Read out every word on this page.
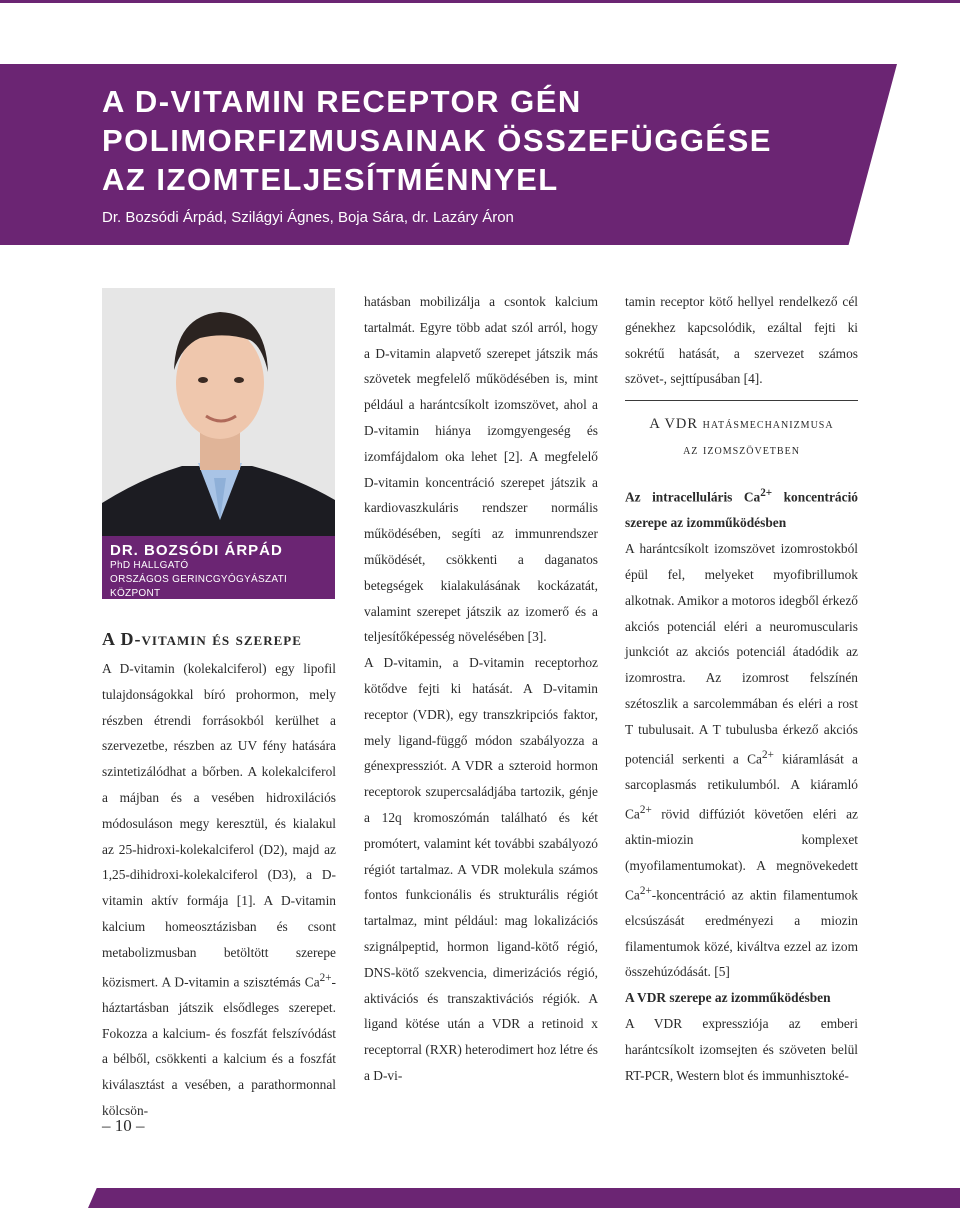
A D-VITAMIN RECEPTOR GÉN
POLIMORFIZMUSAINAK ÖSSZEFÜGGÉSE
AZ IZOMTELJESÍTMÉNNYEL
Dr. Bozsódi Árpád, Szilágyi Ágnes, Boja Sára, dr. Lazáry Áron
DR. BOZSÓDI ÁRPÁD
PhD HALLGATÓ
ORSZÁGOS GERINCGYÓGYÁSZATI KÖZPONT
A D-vitamin és szerepe

A D-vitamin (kolekalciferol) egy lipofil tulajdonságokkal bíró prohormon, mely részben étrendi forrásokból kerülhet a szervezetbe, részben az UV fény hatására szintetizálódhat a bőrben. A kolekalciferol a májban és a vesében hidroxilációs módosuláson megy keresztül, és kialakul az 25-hidroxi-kolekalciferol (D2), majd az 1,25-dihidroxi-kolekalciferol (D3), a D-vitamin aktív formája [1]. A D-vitamin kalcium homeosztázisban és csont metabolizmusban betöltött szerepe közismert. A D-vitamin a szisztémás $Ca^{2+}$-háztartásban játszik elsődleges szerepet. Fokozza a kalcium- és foszfát felszívódást a bélből, csökkenti a kalcium és a foszfát kiválasztást a vesében, a parathormonnal kölcsön-

hatásban mobilizálja a csontok kalcium tartalmát. Egyre több adat szól arról, hogy a D-vitamin alapvető szerepet játszik más szövetek megfelelő működésében is, mint például a harántcsíkolt izomszövet, ahol a D-vitamin hiánya izomgyengeség és izomfájdalom oka lehet [2]. A megfelelő D-vitamin koncentráció szerepet játszik a kardiovaszkuláris rendszer normális működésében, segíti az immunrendszer működését, csökkenti a daganatos betegségek kialakulásának kockázatát, valamint szerepet játszik az izomerő és a teljesítőképesség növelésében [3].

A D-vitamin, a D-vitamin receptorhoz kötődve fejti ki hatását. A D-vitamin receptor (VDR), egy transzkripciós faktor, mely ligand-függő módon szabályozza a génexpressziót. A VDR a szteroid hormon receptorok szupercsaládjába tartozik, génje a 12q kromoszómán található és két promótert, valamint két további szabályozó régiót tartalmaz. A VDR molekula számos fontos funkcionális és strukturális régiót tartalmaz, mint például: mag lokalizációs szignálpeptid, hormon ligand-kötő régió, DNS-kötő szekvencia, dimerizációs régió, aktivációs és transzaktivációs régiók. A ligand kötése után a VDR a retinoid x receptorral (RXR) heterodimert hoz létre és a D-vi-

tamin receptor kötő hellyel rendelkező cél génekhez kapcsolódik, ezáltal fejti ki sokrétű hatását, a szervezet számos szövet-, sejttípusában [4].

A VDR hatásmechanizmusa
az izomszövetben

Az intracelluláris $Ca^{2+}$ koncentráció szerepe az izomműködésben

A harántcsíkolt izomszövet izomrostokból épül fel, melyeket myofibrillumok alkotnak. Amikor a motoros idegből érkező akciós potenciál eléri a neuromuscularis junkciót az akciós potenciál átadódik az izomrostra. Az izomrost felszínén szétoszlik a sarcolemmában és eléri a rost T tubulusait. A T tubulusba érkező akciós potenciál serkenti a $Ca^{2+}$ kiáramlását a sarcoplasmás retikulumból. A kiáramló $Ca^{2+}$ rövid diffúziót követően eléri az aktin-miozin komplexet (myofilamentumokat). A megnövekedett $Ca^{2+}$-koncentráció az aktin filamentumok elcsúszását eredményezi a miozin filamentumok közé, kiváltva ezzel az izom összehúzódását. [5]

A VDR szerepe az izomműködésben

A VDR expressziója az emberi harántcsíkolt izomsejten és szöveten belül RT-PCR, Western blot és immunhisztoké-

– 10 –
